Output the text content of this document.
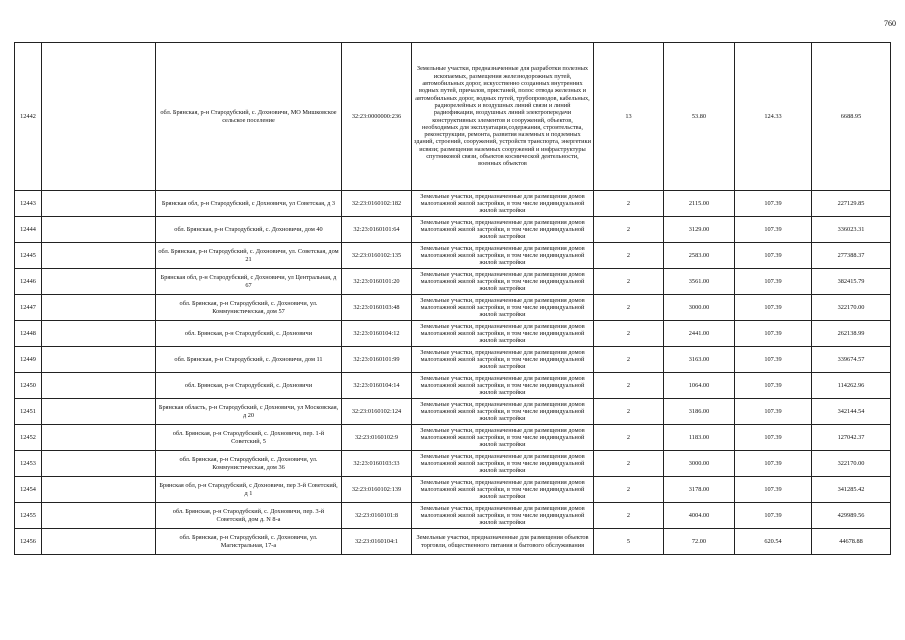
760
12442		обл. Брянская, р-н Стародубский, с. Дохновичи, МО Мишковское сельское поселение	32:23:0000000:236	Земельные участки, предназначенные для разработки полезных ископаемых, размещения железнодорожных путей, автомобильных дорог, искусственно созданных внутренних водных путей, причалов, пристаней, полос отвода железных и автомобильных дорог, водных путей, трубопроводов, кабельных, радиорелейных и воздушных линий связи и линий радиофикации, воздушных линий электропередачи конструктивных элементов и сооружений, объектов, необходимых для эксплуатации,содержания, строительства, реконструкции, ремонта, развития наземных и подземных зданий, строений, сооружений, устройств транспорта, энергетики исвязи; размещения наземных сооружений и инфраструктуры спутниковой связи, объектов космической деятельности, военных объектов	13	53.80	124.33	6688.95
12443		Брянская обл, р-н Стародубский, с Дохновичи, ул Советская, д 3	32:23:0160102:182	Земельные участки, предназначенные для размещения домов малоэтажной жилой застройки, в том числе индивидуальной жилой застройки	2	2115.00	107.39	227129.85
12444		обл. Брянская, р-н Стародубский, с. Дохновичи, дом 40	32:23:0160101:64	Земельные участки, предназначенные для размещения домов малоэтажной жилой застройки, в том числе индивидуальной жилой застройки	2	3129.00	107.39	336023.31
12445		обл. Брянская, р-н Стародубский, с. Дохновичи, ул. Советская, дом 21	32:23:0160102:135	Земельные участки, предназначенные для размещения домов малоэтажной жилой застройки, в том числе индивидуальной жилой застройки	2	2583.00	107.39	277388.37
12446		Брянская обл, р-н Стародубский, с Дохновичи, ул Центральная, д 67	32:23:0160101:20	Земельные участки, предназначенные для размещения домов малоэтажной жилой застройки, в том числе индивидуальной жилой застройки	2	3561.00	107.39	382415.79
12447		обл. Брянская, р-н Стародубский, с. Дохновичи, ул. Коммунистическая, дом 57	32:23:0160103:48	Земельные участки, предназначенные для размещения домов малоэтажной жилой застройки, в том числе индивидуальной жилой застройки	2	3000.00	107.39	322170.00
12448		обл. Брянская, р-н Стародубский, с. Дохновичи	32:23:0160104:12	Земельные участки, предназначенные для размещения домов малоэтажной жилой застройки, в том числе индивидуальной жилой застройки	2	2441.00	107.39	262138.99
12449		обл. Брянская, р-н Стародубский, с. Дохновичи, дом 11	32:23:0160101:99	Земельные участки, предназначенные для размещения домов малоэтажной жилой застройки, в том числе индивидуальной жилой застройки	2	3163.00	107.39	339674.57
12450		обл. Брянская, р-н Стародубский, с. Дохновичи	32:23:0160104:14	Земельные участки, предназначенные для размещения домов малоэтажной жилой застройки, в том числе индивидуальной жилой застройки	2	1064.00	107.39	114262.96
12451		Брянская область, р-н Стародубский, с Дохновичи, ул Московская, д 20	32:23:0160102:124	Земельные участки, предназначенные для размещения домов малоэтажной жилой застройки, в том числе индивидуальной жилой застройки	2	3186.00	107.39	342144.54
12452		обл. Брянская, р-н Стародубский, с. Дохновичи, пер. 1-й Советский, 5	32:23:0160102:9	Земельные участки, предназначенные для размещения домов малоэтажной жилой застройки, в том числе индивидуальной жилой застройки	2	1183.00	107.39	127042.37
12453		обл. Брянская, р-н Стародубский, с. Дохновичи, ул. Коммунистическая, дом 36	32:23:0160103:33	Земельные участки, предназначенные для размещения домов малоэтажной жилой застройки, в том числе индивидуальной жилой застройки	2	3000.00	107.39	322170.00
12454		Брянская обл, р-н Стародубский, с Дохновичи, пер 3-й Советский, д 1	32:23:0160102:139	Земельные участки, предназначенные для размещения домов малоэтажной жилой застройки, в том числе индивидуальной жилой застройки	2	3178.00	107.39	341285.42
12455		обл. Брянская, р-н Стародубский, с. Дохновичи, пер. 3-й Советский, дом д. N 8-а	32:23:0160101:8	Земельные участки, предназначенные для размещения домов малоэтажной жилой застройки, в том числе индивидуальной жилой застройки	2	4004.00	107.39	429989.56
12456		обл. Брянская, р-н Стародубский, с. Дохновичи, ул. Магистральная, 17-а	32:23:0160104:1	Земельные участки, предназначенные для размещения объектов торговли, общественного питания и бытового обслуживания	5	72.00	620.54	44678.88
